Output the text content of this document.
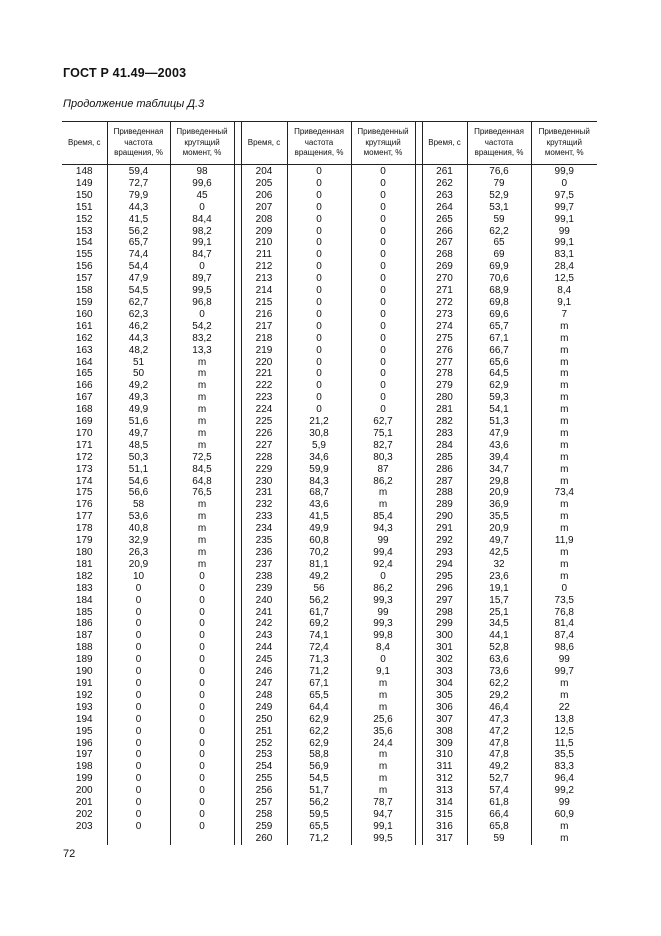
ГОСТ Р 41.49—2003
Продолжение таблицы Д.3
Время, с	Приведенная частота вращения, %	Приведенный крутящий момент, %		Время, с	Приведенная частота вращения, %	Приведенный крутящий момент, %		Время, с	Приведенная частота вращения, %	Приведенный крутящий момент, %
148	59,4	98		204	0	0		261	76,6	99,9
149	72,7	99,6		205	0	0		262	79	0
150	79,9	45		206	0	0		263	52,9	97,5
151	44,3	0		207	0	0		264	53,1	99,7
152	41,5	84,4		208	0	0		265	59	99,1
153	56,2	98,2		209	0	0		266	62,2	99
154	65,7	99,1		210	0	0		267	65	99,1
155	74,4	84,7		211	0	0		268	69	83,1
156	54,4	0		212	0	0		269	69,9	28,4
157	47,9	89,7		213	0	0		270	70,6	12,5
158	54,5	99,5		214	0	0		271	68,9	8,4
159	62,7	96,8		215	0	0		272	69,8	9,1
160	62,3	0		216	0	0		273	69,6	7
161	46,2	54,2		217	0	0		274	65,7	m
162	44,3	83,2		218	0	0		275	67,1	m
163	48,2	13,3		219	0	0		276	66,7	m
164	51	m		220	0	0		277	65,6	m
165	50	m		221	0	0		278	64,5	m
166	49,2	m		222	0	0		279	62,9	m
167	49,3	m		223	0	0		280	59,3	m
168	49,9	m		224	0	0		281	54,1	m
169	51,6	m		225	21,2	62,7		282	51,3	m
170	49,7	m		226	30,8	75,1		283	47,9	m
171	48,5	m		227	5,9	82,7		284	43,6	m
172	50,3	72,5		228	34,6	80,3		285	39,4	m
173	51,1	84,5		229	59,9	87		286	34,7	m
174	54,6	64,8		230	84,3	86,2		287	29,8	m
175	56,6	76,5		231	68,7	m		288	20,9	73,4
176	58	m		232	43,6	m		289	36,9	m
177	53,6	m		233	41,5	85,4		290	35,5	m
178	40,8	m		234	49,9	94,3		291	20,9	m
179	32,9	m		235	60,8	99		292	49,7	11,9
180	26,3	m		236	70,2	99,4		293	42,5	m
181	20,9	m		237	81,1	92,4		294	32	m
182	10	0		238	49,2	0		295	23,6	m
183	0	0		239	56	86,2		296	19,1	0
184	0	0		240	56,2	99,3		297	15,7	73,5
185	0	0		241	61,7	99		298	25,1	76,8
186	0	0		242	69,2	99,3		299	34,5	81,4
187	0	0		243	74,1	99,8		300	44,1	87,4
188	0	0		244	72,4	8,4		301	52,8	98,6
189	0	0		245	71,3	0		302	63,6	99
190	0	0		246	71,2	9,1		303	73,6	99,7
191	0	0		247	67,1	m		304	62,2	m
192	0	0		248	65,5	m		305	29,2	m
193	0	0		249	64,4	m		306	46,4	22
194	0	0		250	62,9	25,6		307	47,3	13,8
195	0	0		251	62,2	35,6		308	47,2	12,5
196	0	0		252	62,9	24,4		309	47,8	11,5
197	0	0		253	58,8	m		310	47,8	35,5
198	0	0		254	56,9	m		311	49,2	83,3
199	0	0		255	54,5	m		312	52,7	96,4
200	0	0		256	51,7	m		313	57,4	99,2
201	0	0		257	56,2	78,7		314	61,8	99
202	0	0		258	59,5	94,7		315	66,4	60,9
203	0	0		259	65,5	99,1		316	65,8	m
				260	71,2	99,5		317	59	m
72
